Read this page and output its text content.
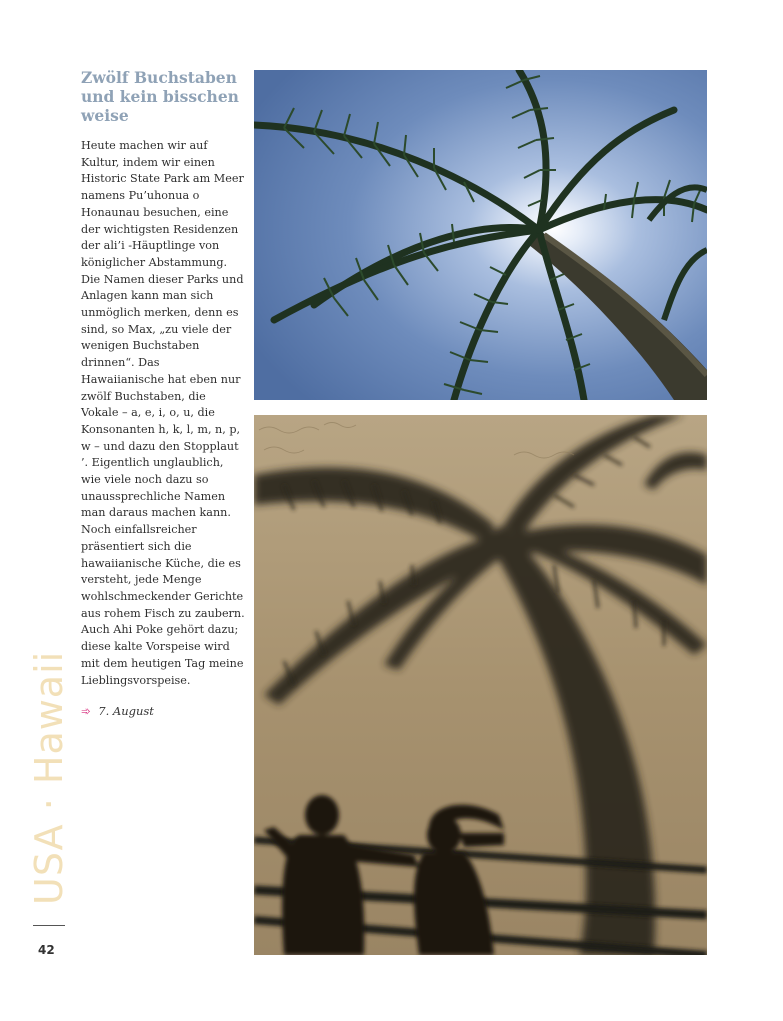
USA · Hawaii
42
Zwölf Buchstaben und kein bisschen weise

Heute machen wir auf Kultur, indem wir einen Historic State Park am Meer namens Pu’uhonua o Honaunau besuchen, eine der wichtigsten Residenzen der ali’i -Häuptlinge von königlicher Abstammung.

Die Namen dieser Parks und Anlagen kann man sich unmöglich merken, denn es sind, so Max, „zu viele der wenigen Buchstaben drinnen“. Das Hawaiianische hat eben nur zwölf Buchstaben, die Vokale – a, e, i, o, u, die Konsonanten h, k, l, m, n, p, w – und dazu den Stopplaut ’. Eigentlich unglaublich, wie viele noch dazu so unaussprechliche Namen man daraus machen kann.

Noch einfallsreicher präsentiert sich die hawaiianische Küche, die es versteht, jede Menge wohlschmeckender Gerichte aus rohem Fisch zu zaubern. Auch Ahi Poke gehört dazu; diese kalte Vorspeise wird mit dem heutigen Tag meine Lieblingsvorspeise.

➾ 7. August
